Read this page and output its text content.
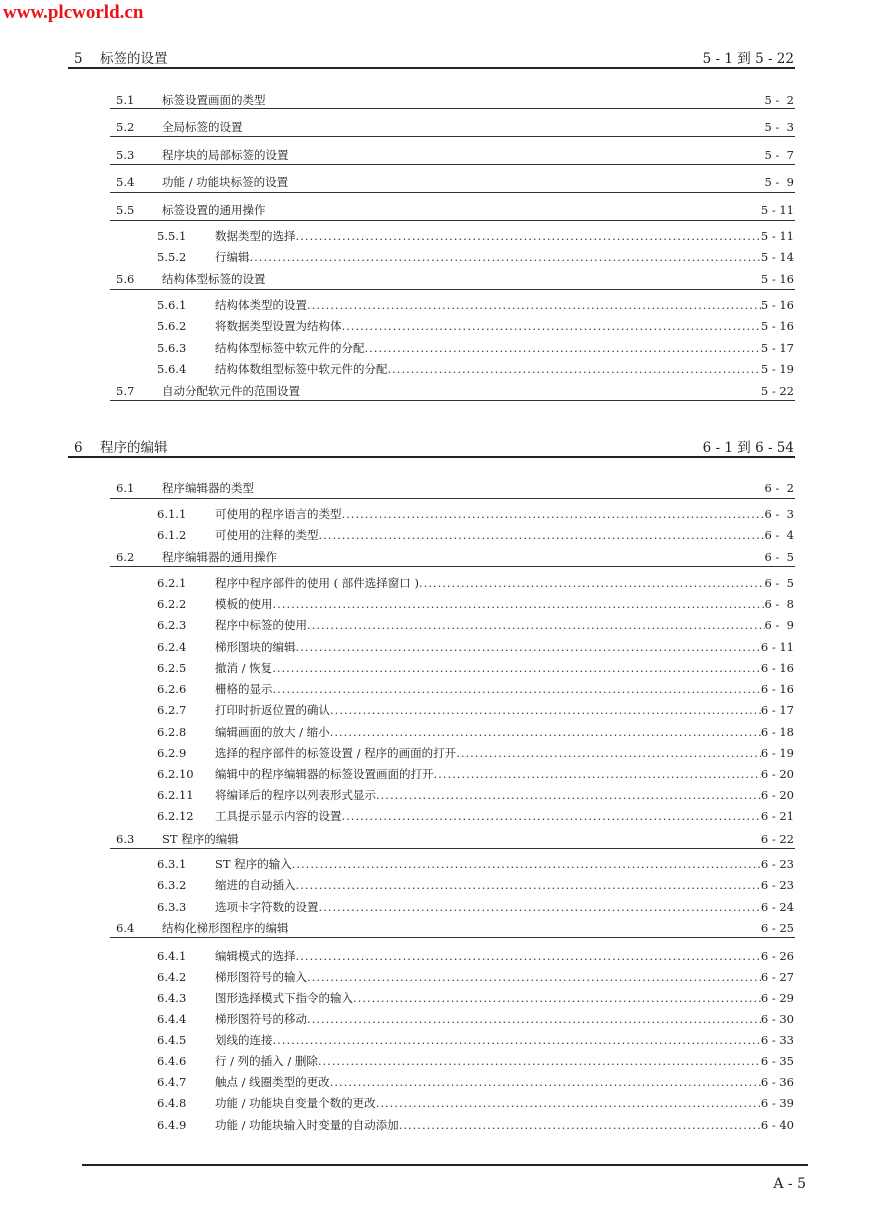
www.plcworld.cn
5	标签的设置	5 - 1 到 5 - 22
5.1	标签设置画面的类型	5 -  2
5.2	全局标签的设置	5 -  3
5.3	程序块的局部标签的设置	5 -  7
5.4	功能 / 功能块标签的设置	5 -  9
5.5	标签设置的通用操作	5 - 11
5.5.1	数据类型的选择 .....	5 - 11
5.5.2	行编辑 .....	5 - 14
5.6	结构体型标签的设置	5 - 16
5.6.1	结构体类型的设置 .....	5 - 16
5.6.2	将数据类型设置为结构体 .....	5 - 16
5.6.3	结构体型标签中软元件的分配 .....	5 - 17
5.6.4	结构体数组型标签中软元件的分配 .....	5 - 19
5.7	自动分配软元件的范围设置	5 - 22
6	程序的编辑	6 - 1 到 6 - 54
6.1	程序编辑器的类型	6 -  2
6.1.1	可使用的程序语言的类型 .....	6 -  3
6.1.2	可使用的注释的类型 .....	6 -  4
6.2	程序编辑器的通用操作	6 -  5
6.2.1	程序中程序部件的使用 ( 部件选择窗口 ) .....	6 -  5
6.2.2	模板的使用 .....	6 -  8
6.2.3	程序中标签的使用 .....	6 -  9
6.2.4	梯形图块的编辑 .....	6 - 11
6.2.5	撤消 / 恢复 .....	6 - 16
6.2.6	栅格的显示 .....	6 - 16
6.2.7	打印时折返位置的确认 .....	6 - 17
6.2.8	编辑画面的放大 / 缩小 .....	6 - 18
6.2.9	选择的程序部件的标签设置 / 程序的画面的打开 .....	6 - 19
6.2.10	编辑中的程序编辑器的标签设置画面的打开 .....	6 - 20
6.2.11	将编译后的程序以列表形式显示 .....	6 - 20
6.2.12	工具提示显示内容的设置 .....	6 - 21
6.3	ST 程序的编辑	6 - 22
6.3.1	ST 程序的输入 .....	6 - 23
6.3.2	缩进的自动插入 .....	6 - 23
6.3.3	选项卡字符数的设置 .....	6 - 24
6.4	结构化梯形图程序的编辑	6 - 25
6.4.1	编辑模式的选择 .....	6 - 26
6.4.2	梯形图符号的输入 .....	6 - 27
6.4.3	图形选择模式下指令的输入 .....	6 - 29
6.4.4	梯形图符号的移动 .....	6 - 30
6.4.5	划线的连接 .....	6 - 33
6.4.6	行 / 列的插入 / 删除 .....	6 - 35
6.4.7	触点 / 线圈类型的更改 .....	6 - 36
6.4.8	功能 / 功能块自变量个数的更改 .....	6 - 39
6.4.9	功能 / 功能块输入时变量的自动添加 .....	6 - 40
A - 5
